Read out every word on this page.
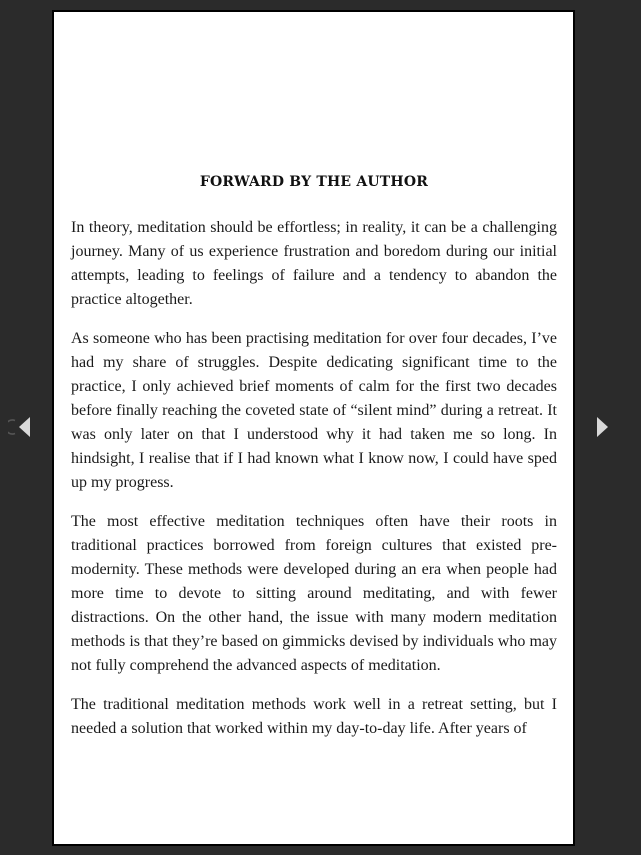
FORWARD BY THE AUTHOR

In theory, meditation should be effortless; in reality, it can be a challenging journey. Many of us experience frustration and boredom during our initial attempts, leading to feelings of failure and a tendency to abandon the practice altogether.

As someone who has been practising meditation for over four decades, I’ve had my share of struggles. Despite dedicating significant time to the practice, I only achieved brief moments of calm for the first two decades before finally reaching the coveted state of “silent mind” during a retreat. It was only later on that I understood why it had taken me so long. In hindsight, I realise that if I had known what I know now, I could have sped up my progress.

The most effective meditation techniques often have their roots in traditional practices borrowed from foreign cultures that existed pre-modernity. These methods were developed during an era when people had more time to devote to sitting around meditating, and with fewer distractions. On the other hand, the issue with many modern meditation methods is that they’re based on gimmicks devised by individuals who may not fully comprehend the advanced aspects of meditation.

The traditional meditation methods work well in a retreat setting, but I needed a solution that worked within my day-to-day life. After years of
